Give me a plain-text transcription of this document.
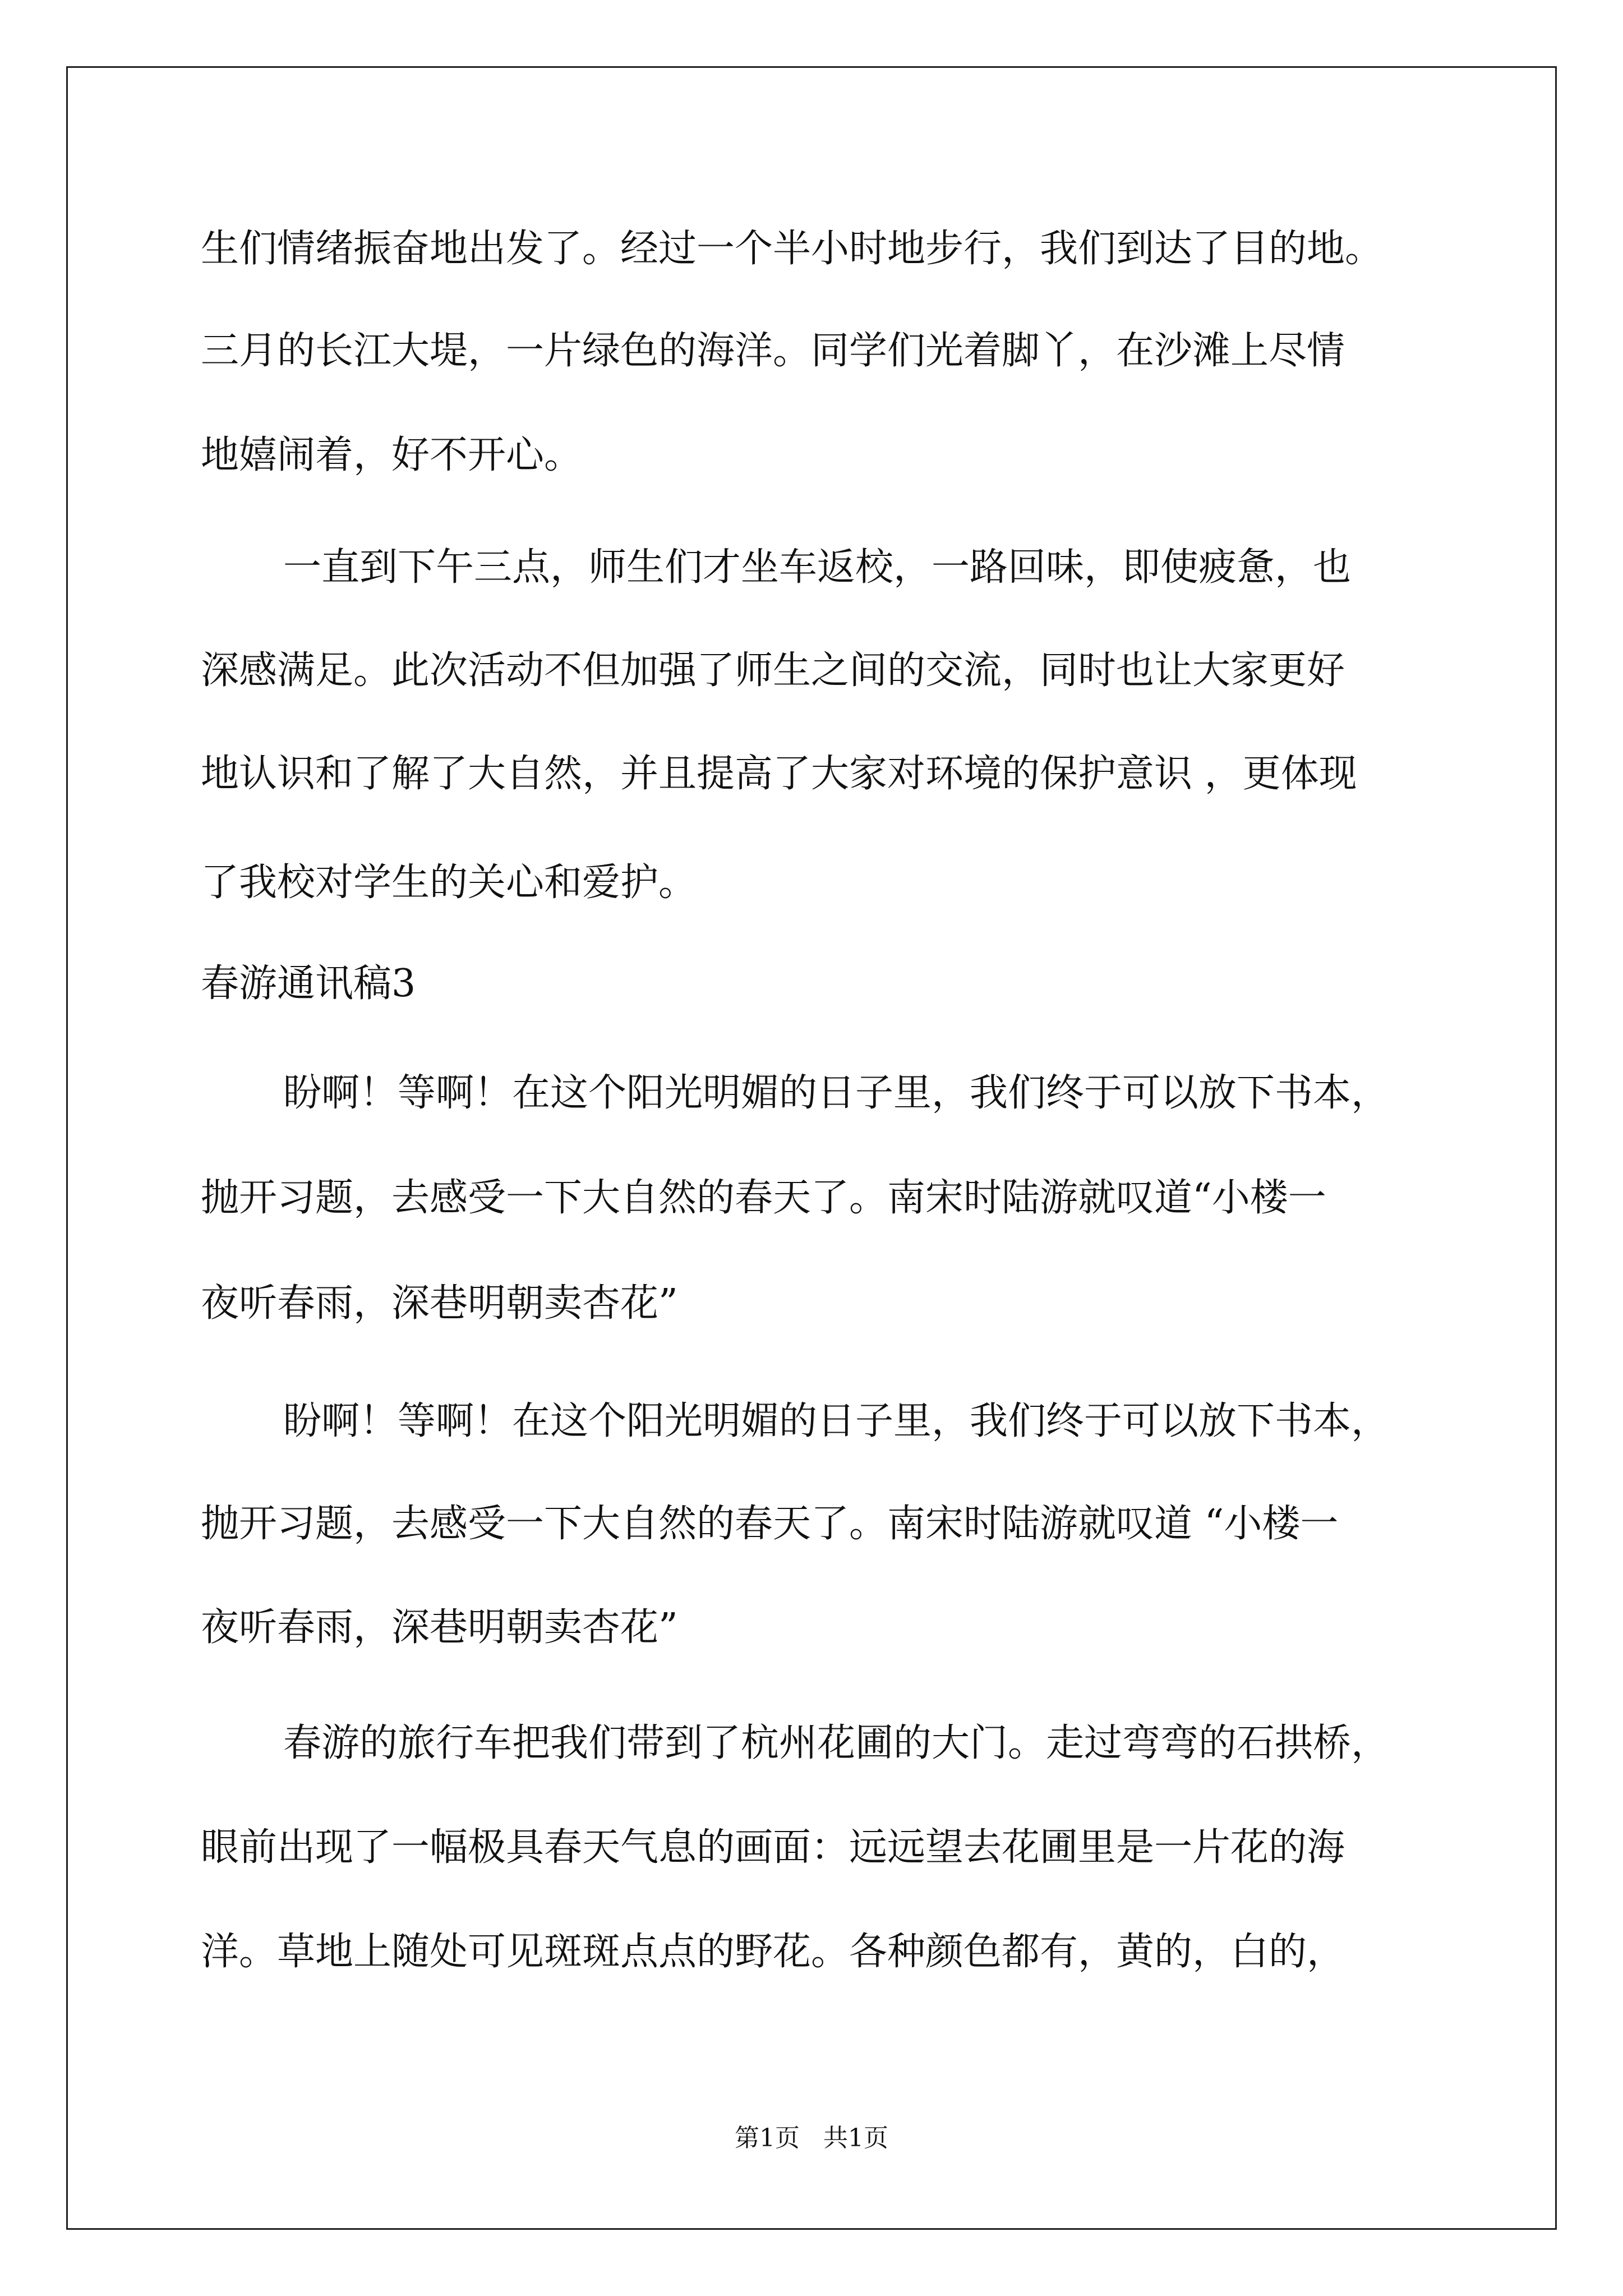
生们情绪振奋地出发了。经过一个半小时地步行，我们到达了目的地。
三月的长江大堤，一片绿色的海洋。同学们光着脚丫，在沙滩上尽情
地嬉闹着，好不开心。
一直到下午三点，师生们才坐车返校，一路回味，即使疲惫，也
深感满足。此次活动不但加强了师生之间的交流，同时也让大家更好
地认识和了解了大自然，并且提高了大家对环境的保护意识 ，更体现
了我校对学生的关心和爱护。
春游通讯稿3
盼啊！等啊！在这个阳光明媚的日子里，我们终于可以放下书本，
抛开习题，去感受一下大自然的春天了。南宋时陆游就叹道“小楼一
夜听春雨，深巷明朝卖杏花”
盼啊！等啊！在这个阳光明媚的日子里，我们终于可以放下书本，
抛开习题，去感受一下大自然的春天了。南宋时陆游就叹道 “小楼一
夜听春雨，深巷明朝卖杏花”
春游的旅行车把我们带到了杭州花圃的大门。走过弯弯的石拱桥，
眼前出现了一幅极具春天气息的画面：远远望去花圃里是一片花的海
洋。草地上随处可见斑斑点点的野花。各种颜色都有，黄的，白的，
第1页   共1页
